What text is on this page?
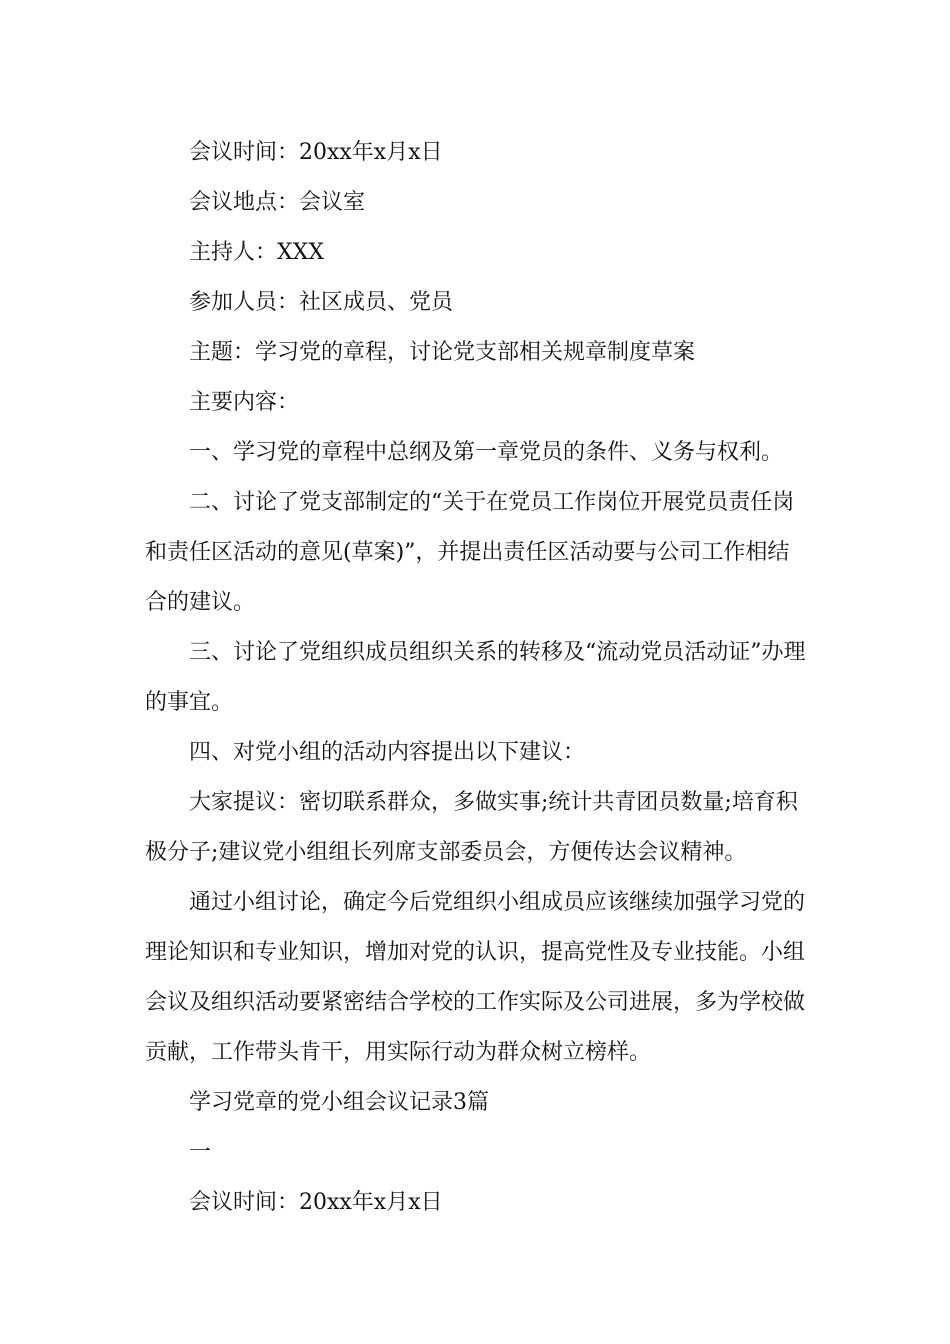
会议时间：20xx年x月x日

会议地点：会议室

主持人：XXX

参加人员：社区成员、党员

主题：学习党的章程，讨论党支部相关规章制度草案

主要内容：

一、学习党的章程中总纲及第一章党员的条件、义务与权利。

二、讨论了党支部制定的“关于在党员工作岗位开展党员责任岗和责任区活动的意见(草案)”，并提出责任区活动要与公司工作相结合的建议。

三、讨论了党组织成员组织关系的转移及“流动党员活动证”办理的事宜。

四、对党小组的活动内容提出以下建议：

大家提议：密切联系群众，多做实事;统计共青团员数量;培育积极分子;建议党小组组长列席支部委员会，方便传达会议精神。

通过小组讨论，确定今后党组织小组成员应该继续加强学习党的理论知识和专业知识，增加对党的认识，提高党性及专业技能。小组会议及组织活动要紧密结合学校的工作实际及公司进展，多为学校做贡献，工作带头肯干，用实际行动为群众树立榜样。

学习党章的党小组会议记录3篇

一

会议时间：20xx年x月x日
